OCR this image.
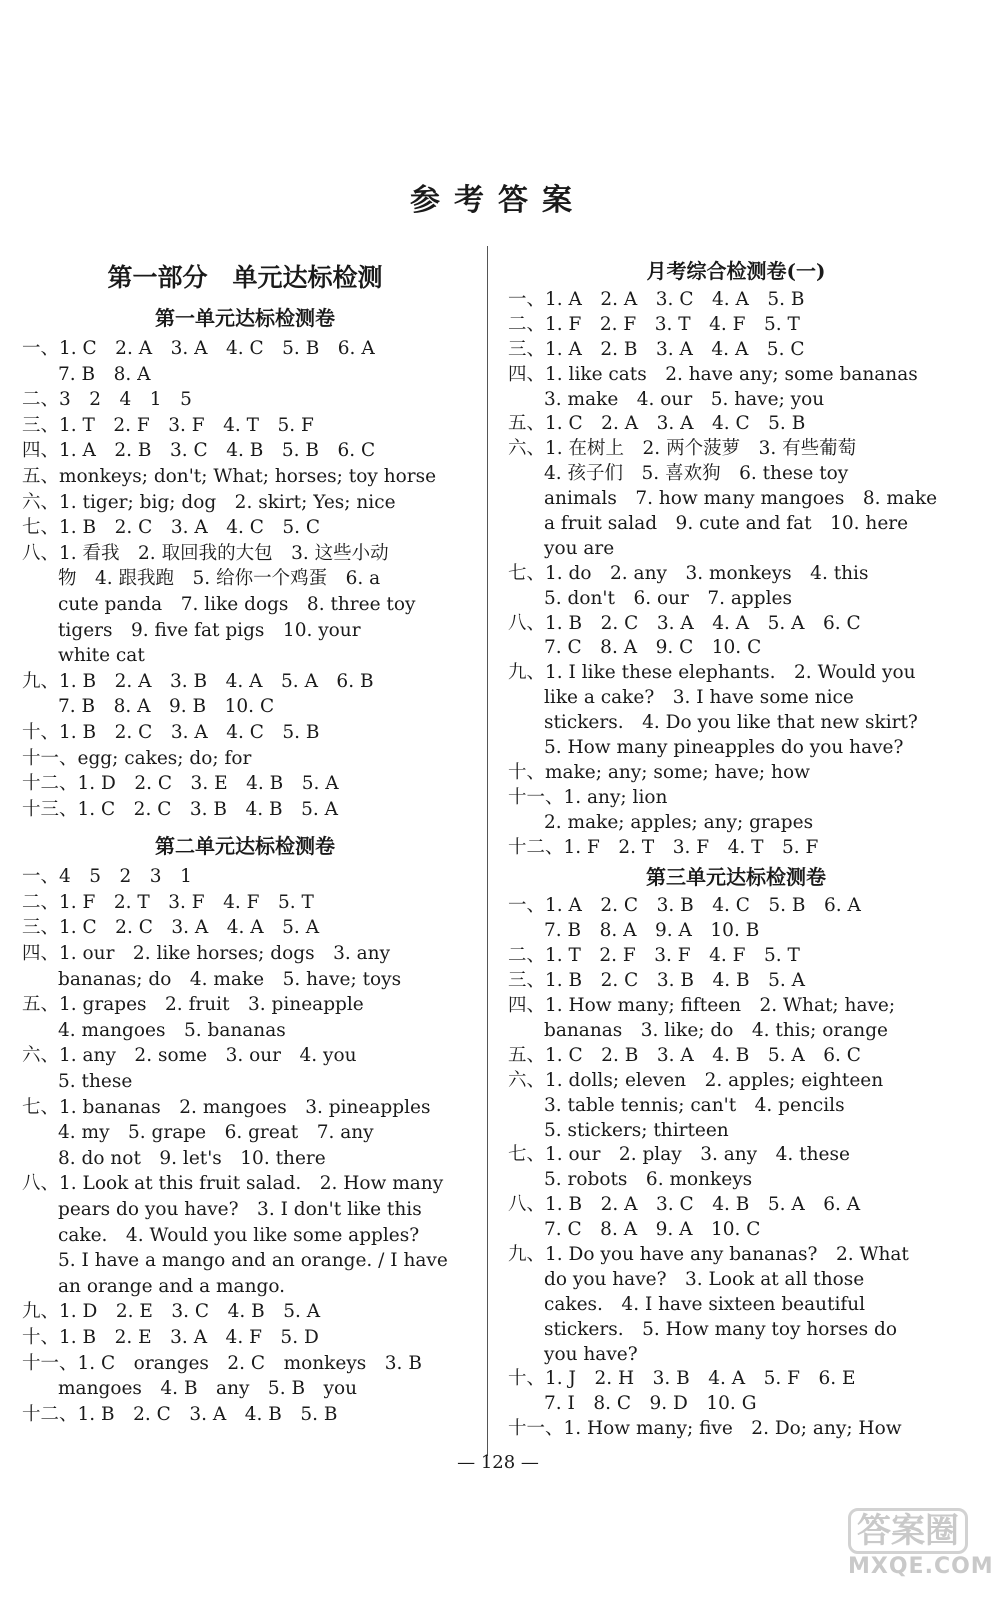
参考答案
第一部分　单元达标检测
第一单元达标检测卷
一、1. C　2. A　3. A　4. C　5. B　6. A
7. B　8. A
二、3　2　4　1　5
三、1. T　2. F　3. F　4. T　5. F
四、1. A　2. B　3. C　4. B　5. B　6. C
五、monkeys; don't; What; horses; toy horse
六、1. tiger; big; dog　2. skirt; Yes; nice
七、1. B　2. C　3. A　4. C　5. C
八、1. 看我　2. 取回我的大包　3. 这些小动
物　4. 跟我跑　5. 给你一个鸡蛋　6. a
cute panda　7. like dogs　8. three toy
tigers　9. five fat pigs　10. your
white cat
九、1. B　2. A　3. B　4. A　5. A　6. B
7. B　8. A　9. B　10. C
十、1. B　2. C　3. A　4. C　5. B
十一、egg; cakes; do; for
十二、1. D　2. C　3. E　4. B　5. A
十三、1. C　2. C　3. B　4. B　5. A
第二单元达标检测卷
一、4　5　2　3　1
二、1. F　2. T　3. F　4. F　5. T
三、1. C　2. C　3. A　4. A　5. A
四、1. our　2. like horses; dogs　3. any
bananas; do　4. make　5. have; toys
五、1. grapes　2. fruit　3. pineapple
4. mangoes　5. bananas
六、1. any　2. some　3. our　4. you
5. these
七、1. bananas　2. mangoes　3. pineapples
4. my　5. grape　6. great　7. any
8. do not　9. let's　10. there
八、1. Look at this fruit salad.　2. How many
pears do you have?　3. I don't like this
cake.　4. Would you like some apples?
5. I have a mango and an orange. / I have
an orange and a mango.
九、1. D　2. E　3. C　4. B　5. A
十、1. B　2. E　3. A　4. F　5. D
十一、1. C　oranges　2. C　monkeys　3. B
mangoes　4. B　any　5. B　you
十二、1. B　2. C　3. A　4. B　5. B
月考综合检测卷(一)
一、1. A　2. A　3. C　4. A　5. B
二、1. F　2. F　3. T　4. F　5. T
三、1. A　2. B　3. A　4. A　5. C
四、1. like cats　2. have any; some bananas
3. make　4. our　5. have; you
五、1. C　2. A　3. A　4. C　5. B
六、1. 在树上　2. 两个菠萝　3. 有些葡萄
4. 孩子们　5. 喜欢狗　6. these toy
animals　7. how many mangoes　8. make
a fruit salad　9. cute and fat　10. here
you are
七、1. do　2. any　3. monkeys　4. this
5. don't　6. our　7. apples
八、1. B　2. C　3. A　4. A　5. A　6. C
7. C　8. A　9. C　10. C
九、1. I like these elephants.　2. Would you
like a cake?　3. I have some nice
stickers.　4. Do you like that new skirt?
5. How many pineapples do you have?
十、make; any; some; have; how
十一、1. any; lion
2. make; apples; any; grapes
十二、1. F　2. T　3. F　4. T　5. F
第三单元达标检测卷
一、1. A　2. C　3. B　4. C　5. B　6. A
7. B　8. A　9. A　10. B
二、1. T　2. F　3. F　4. F　5. T
三、1. B　2. C　3. B　4. B　5. A
四、1. How many; fifteen　2. What; have;
bananas　3. like; do　4. this; orange
五、1. C　2. B　3. A　4. B　5. A　6. C
六、1. dolls; eleven　2. apples; eighteen
3. table tennis; can't　4. pencils
5. stickers; thirteen
七、1. our　2. play　3. any　4. these
5. robots　6. monkeys
八、1. B　2. A　3. C　4. B　5. A　6. A
7. C　8. A　9. A　10. C
九、1. Do you have any bananas?　2. What
do you have?　3. Look at all those
cakes.　4. I have sixteen beautiful
stickers.　5. How many toy horses do
you have?
十、1. J　2. H　3. B　4. A　5. F　6. E
7. I　8. C　9. D　10. G
十一、1. How many; five　2. Do; any; How
— 128 —
答案圈
MXQE.COM
